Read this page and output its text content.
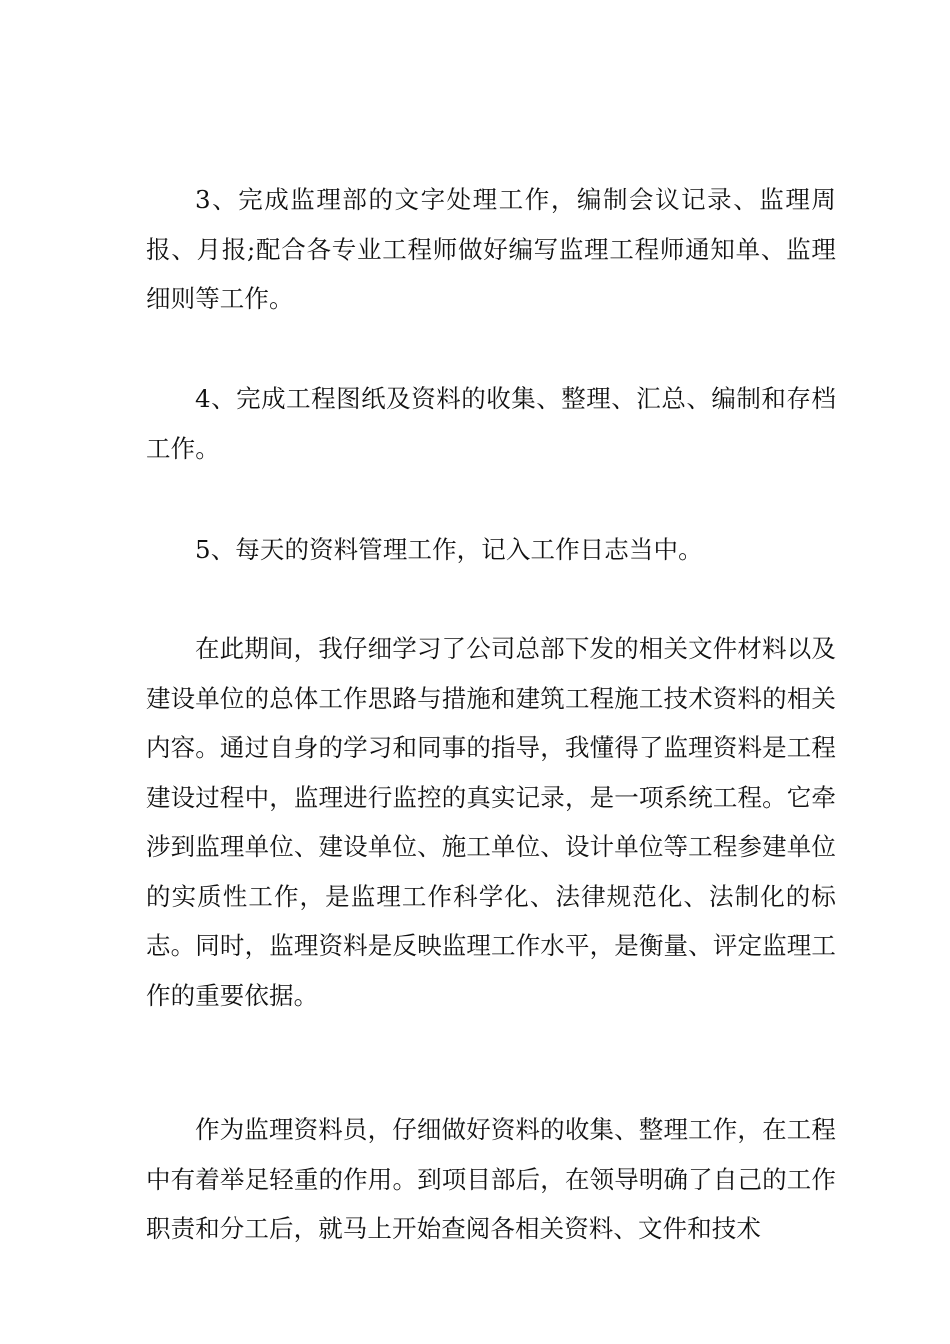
3、完成监理部的文字处理工作，编制会议记录、监理周报、月报;配合各专业工程师做好编写监理工程师通知单、监理细则等工作。

4、完成工程图纸及资料的收集、整理、汇总、编制和存档工作。

5、每天的资料管理工作，记入工作日志当中。

在此期间，我仔细学习了公司总部下发的相关文件材料以及建设单位的总体工作思路与措施和建筑工程施工技术资料的相关内容。通过自身的学习和同事的指导，我懂得了监理资料是工程建设过程中，监理进行监控的真实记录，是一项系统工程。它牵涉到监理单位、建设单位、施工单位、设计单位等工程参建单位的实质性工作，是监理工作科学化、法律规范化、法制化的标志。同时，监理资料是反映监理工作水平，是衡量、评定监理工作的重要依据。

作为监理资料员，仔细做好资料的收集、整理工作，在工程中有着举足轻重的作用。到项目部后，在领导明确了自己的工作职责和分工后，就马上开始查阅各相关资料、文件和技术
